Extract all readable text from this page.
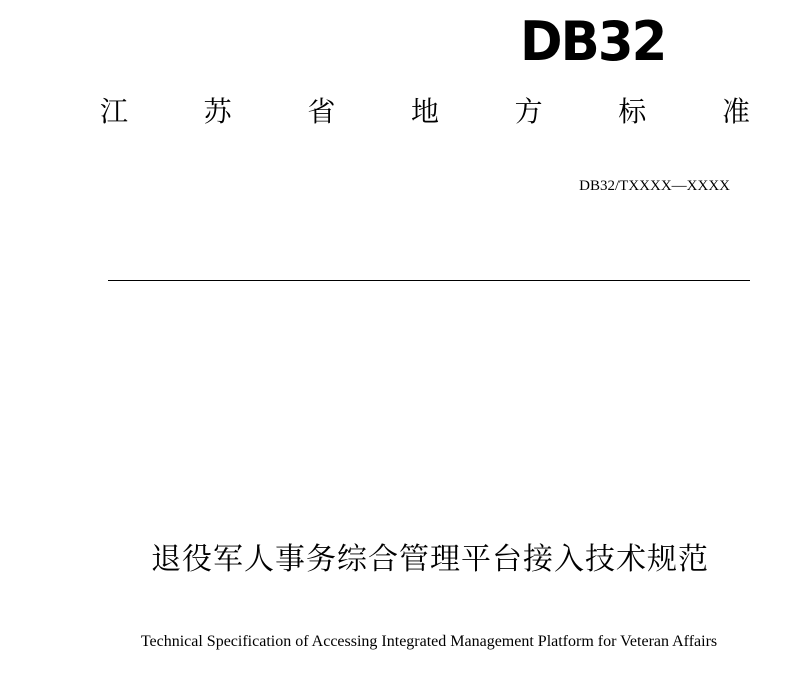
DB32
江	苏	省	地	方	标	准
DB32/TXXXX—XXXX
退役军人事务综合管理平台接入技术规范
Technical Specification of Accessing Integrated Management Platform for Veteran Affairs
